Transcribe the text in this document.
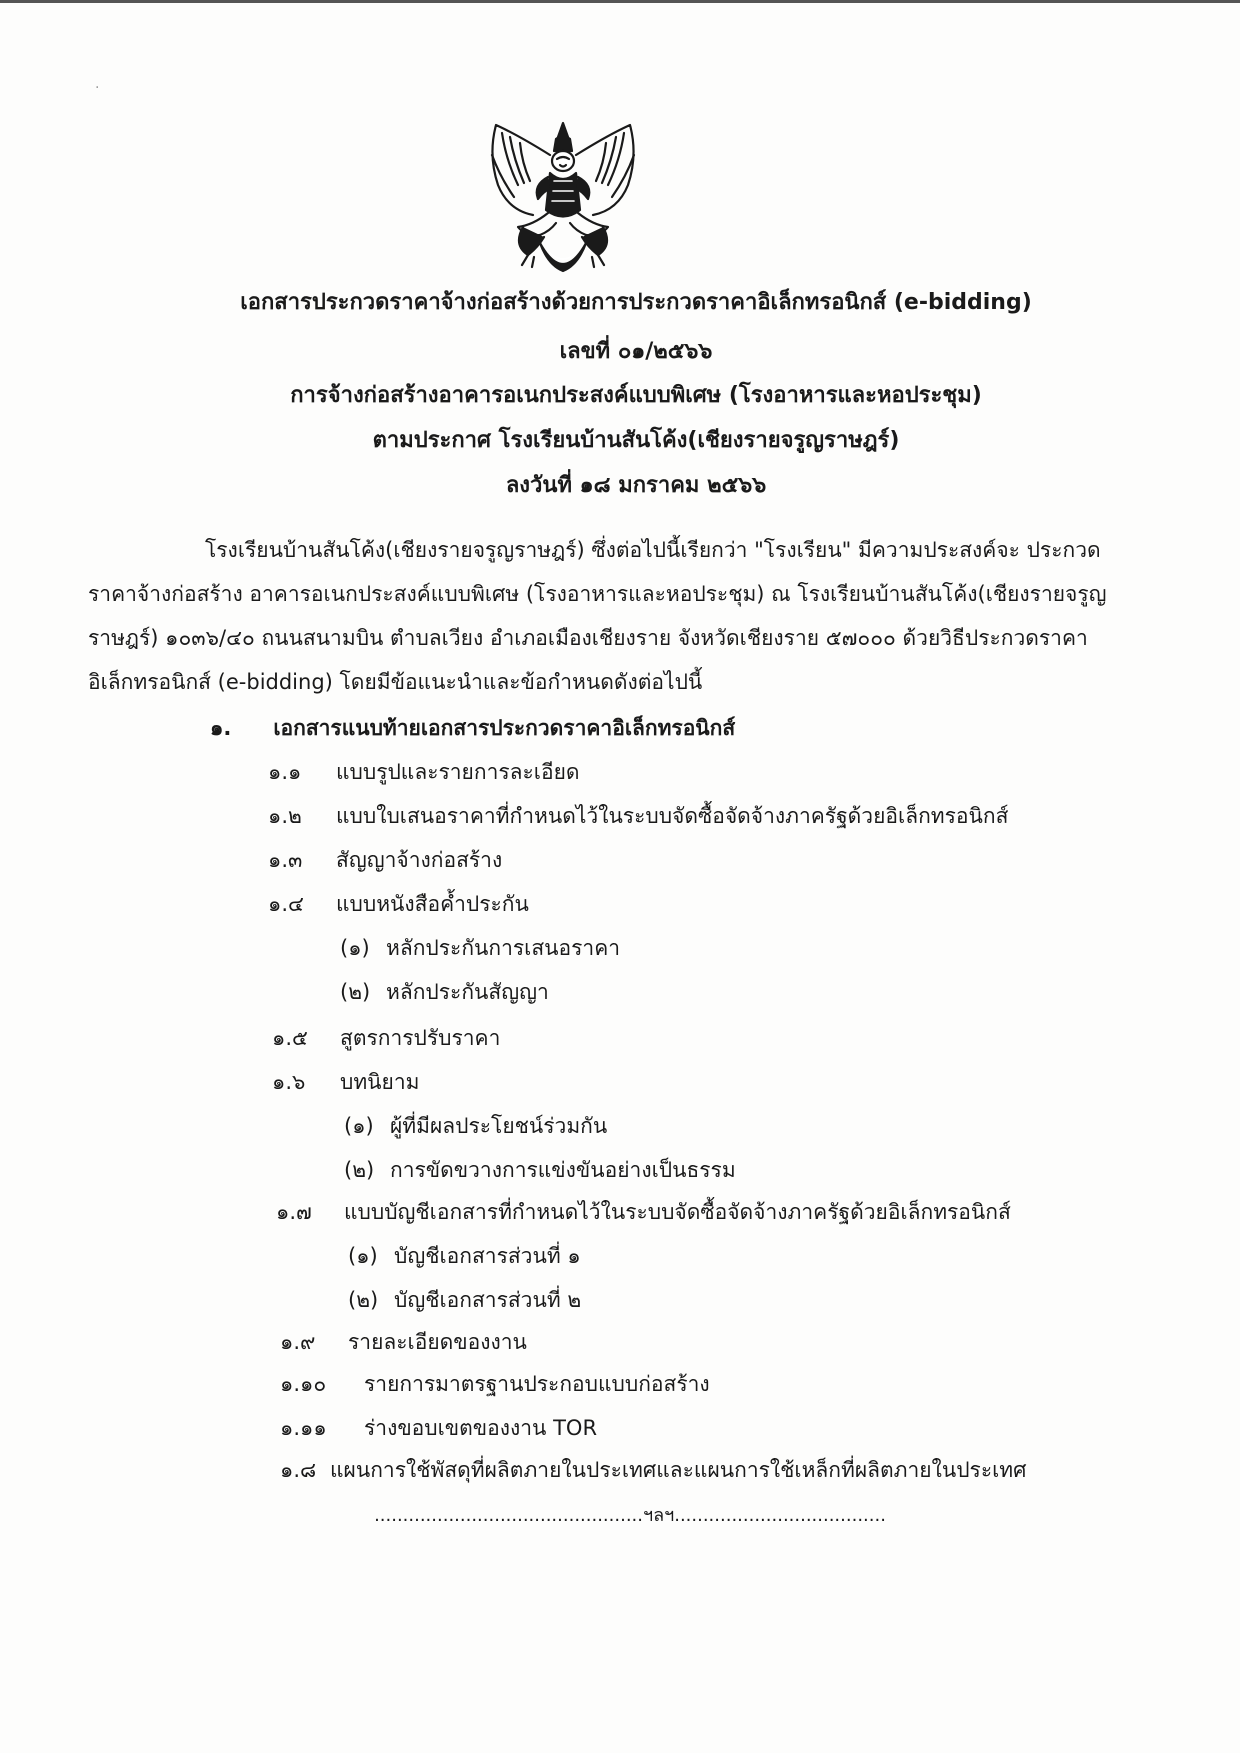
·
เอกสารประกวดราคาจ้างก่อสร้างด้วยการประกวดราคาอิเล็กทรอนิกส์ (e-bidding)
เลขที่ ๐๑/๒๕๖๖
การจ้างก่อสร้างอาคารอเนกประสงค์แบบพิเศษ (โรงอาหารและหอประชุม)
ตามประกาศ โรงเรียนบ้านสันโค้ง(เชียงรายจรูญราษฎร์)
ลงวันที่ ๑๘ มกราคม ๒๕๖๖
โรงเรียนบ้านสันโค้ง(เชียงรายจรูญราษฎร์) ซึ่งต่อไปนี้เรียกว่า "โรงเรียน" มีความประสงค์จะ ประกวด
ราคาจ้างก่อสร้าง อาคารอเนกประสงค์แบบพิเศษ (โรงอาหารและหอประชุม) ณ โรงเรียนบ้านสันโค้ง(เชียงรายจรูญ
ราษฎร์) ๑๐๓๖/๔๐ ถนนสนามบิน ตำบลเวียง อำเภอเมืองเชียงราย จังหวัดเชียงราย ๕๗๐๐๐ ด้วยวิธีประกวดราคา
อิเล็กทรอนิกส์ (e-bidding) โดยมีข้อแนะนำและข้อกำหนดดังต่อไปนี้
๑. เอกสารแนบท้ายเอกสารประกวดราคาอิเล็กทรอนิกส์
๑.๑ แบบรูปและรายการละเอียด
๑.๒ แบบใบเสนอราคาที่กำหนดไว้ในระบบจัดซื้อจัดจ้างภาครัฐด้วยอิเล็กทรอนิกส์
๑.๓ สัญญาจ้างก่อสร้าง
๑.๔ แบบหนังสือค้ำประกัน
(๑) หลักประกันการเสนอราคา
(๒) หลักประกันสัญญา
๑.๕ สูตรการปรับราคา
๑.๖ บทนิยาม
(๑) ผู้ที่มีผลประโยชน์ร่วมกัน
(๒) การขัดขวางการแข่งขันอย่างเป็นธรรม
๑.๗ แบบบัญชีเอกสารที่กำหนดไว้ในระบบจัดซื้อจัดจ้างภาครัฐด้วยอิเล็กทรอนิกส์
(๑) บัญชีเอกสารส่วนที่ ๑
(๒) บัญชีเอกสารส่วนที่ ๒
๑.๙ รายละเอียดของงาน
๑.๑๐ รายการมาตรฐานประกอบแบบก่อสร้าง
๑.๑๑ ร่างขอบเขตของงาน TOR
๑.๘ แผนการใช้พัสดุที่ผลิตภายในประเทศและแผนการใช้เหล็กที่ผลิตภายในประเทศ
...............................................ฯลฯ.....................................
